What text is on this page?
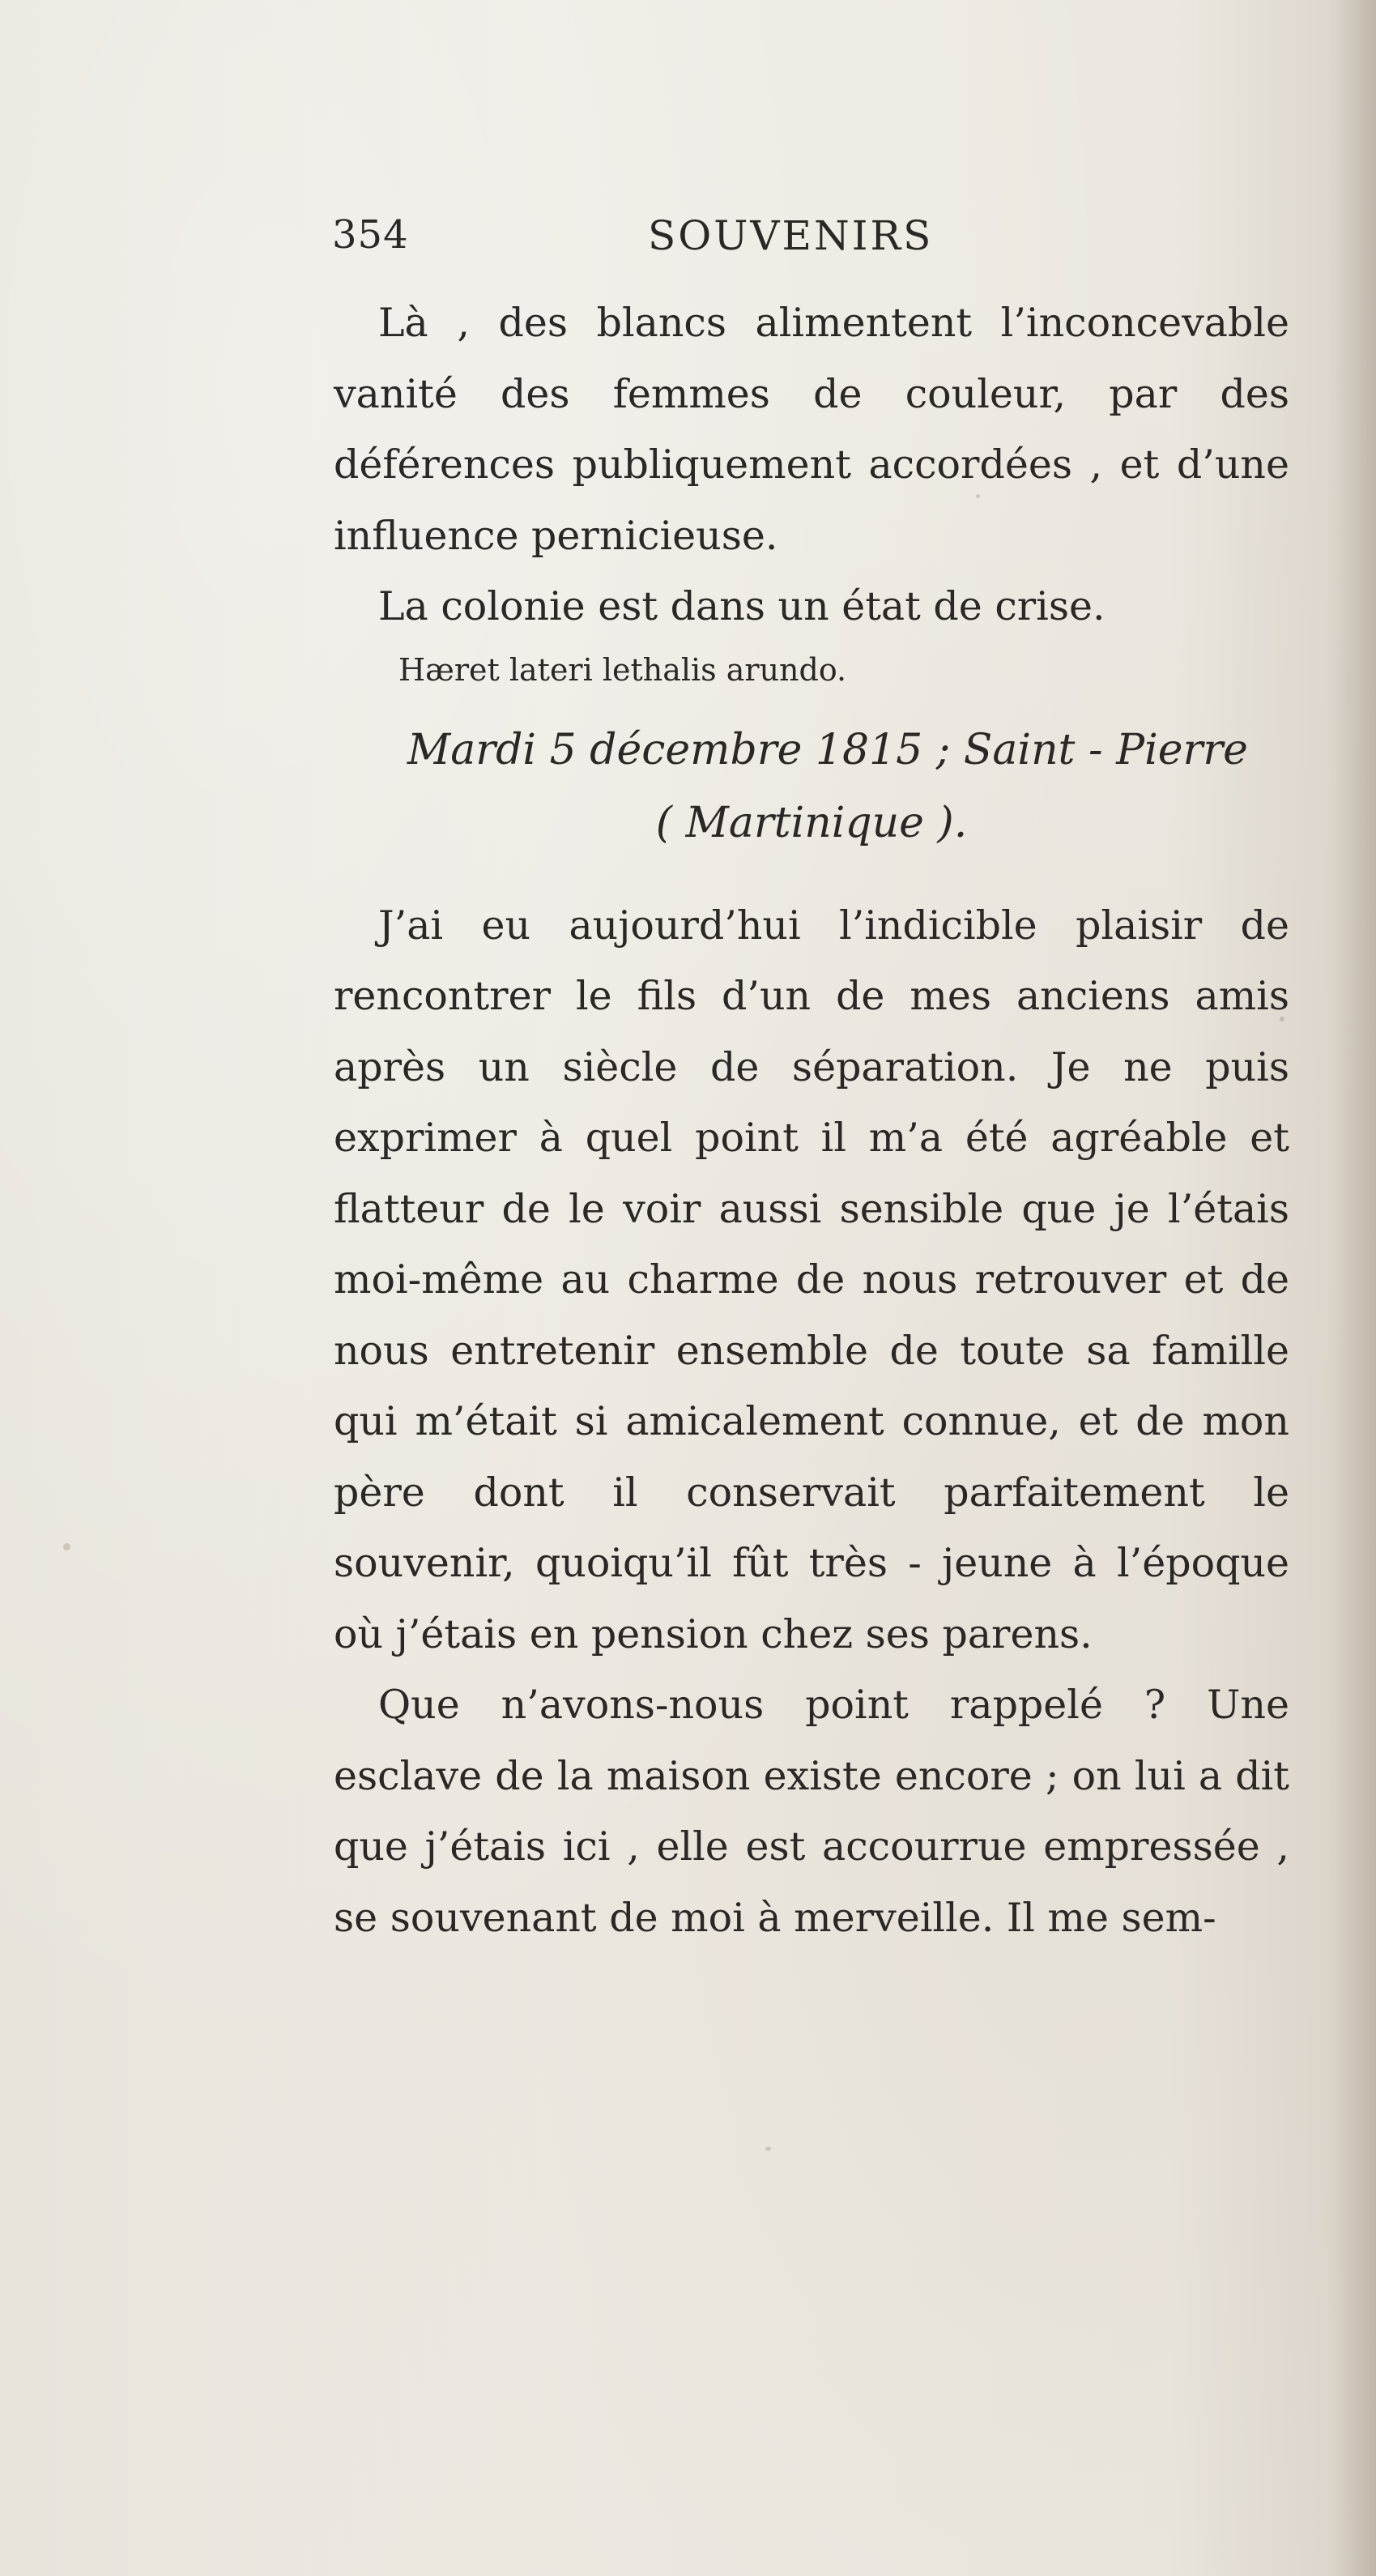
354	SOUVENIRS

Là , des blancs alimentent l’inconcevable vanité des femmes de couleur, par des déférences publiquement accordées , et d’une influence pernicieuse.

La colonie est dans un état de crise.

Hæret lateri lethalis arundo.

Mardi 5 décembre 1815 ; Saint - Pierre

( Martinique ).

J’ai eu aujourd’hui l’indicible plaisir de rencontrer le fils d’un de mes anciens amis après un siècle de séparation. Je ne puis exprimer à quel point il m’a été agréable et flatteur de le voir aussi sensible que je l’étais moi-même au charme de nous retrouver et de nous entretenir ensemble de toute sa famille qui m’était si amicalement connue, et de mon père dont il conservait parfaitement le souvenir, quoiqu’il fût très - jeune à l’époque où j’étais en pension chez ses parens.

Que n’avons-nous point rappelé ? Une esclave de la maison existe encore ; on lui a dit que j’étais ici , elle est accourrue empressée , se souvenant de moi à merveille. Il me sem-
